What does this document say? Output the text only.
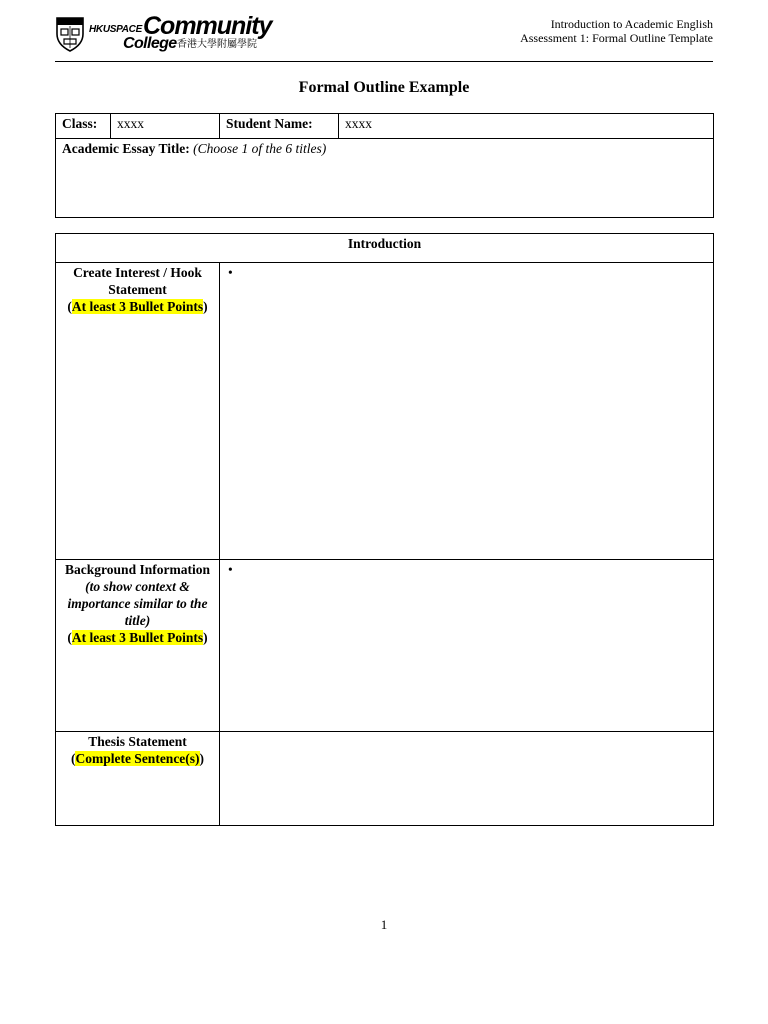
HKUSPACE Community
College 香港大學附屬學院
Introduction to Academic English
Assessment 1: Formal Outline Template
Formal Outline Example
Class:	xxxx	Student Name:	xxxx
Academic Essay Title: (Choose 1 of the 6 titles)
Introduction	

Create Interest / Hook Statement
(At least 3 Bullet Points)	•

Background Information
(to show context & importance similar to the title)
(At least 3 Bullet Points)	•

Thesis Statement
(Complete Sentence(s))	

1
